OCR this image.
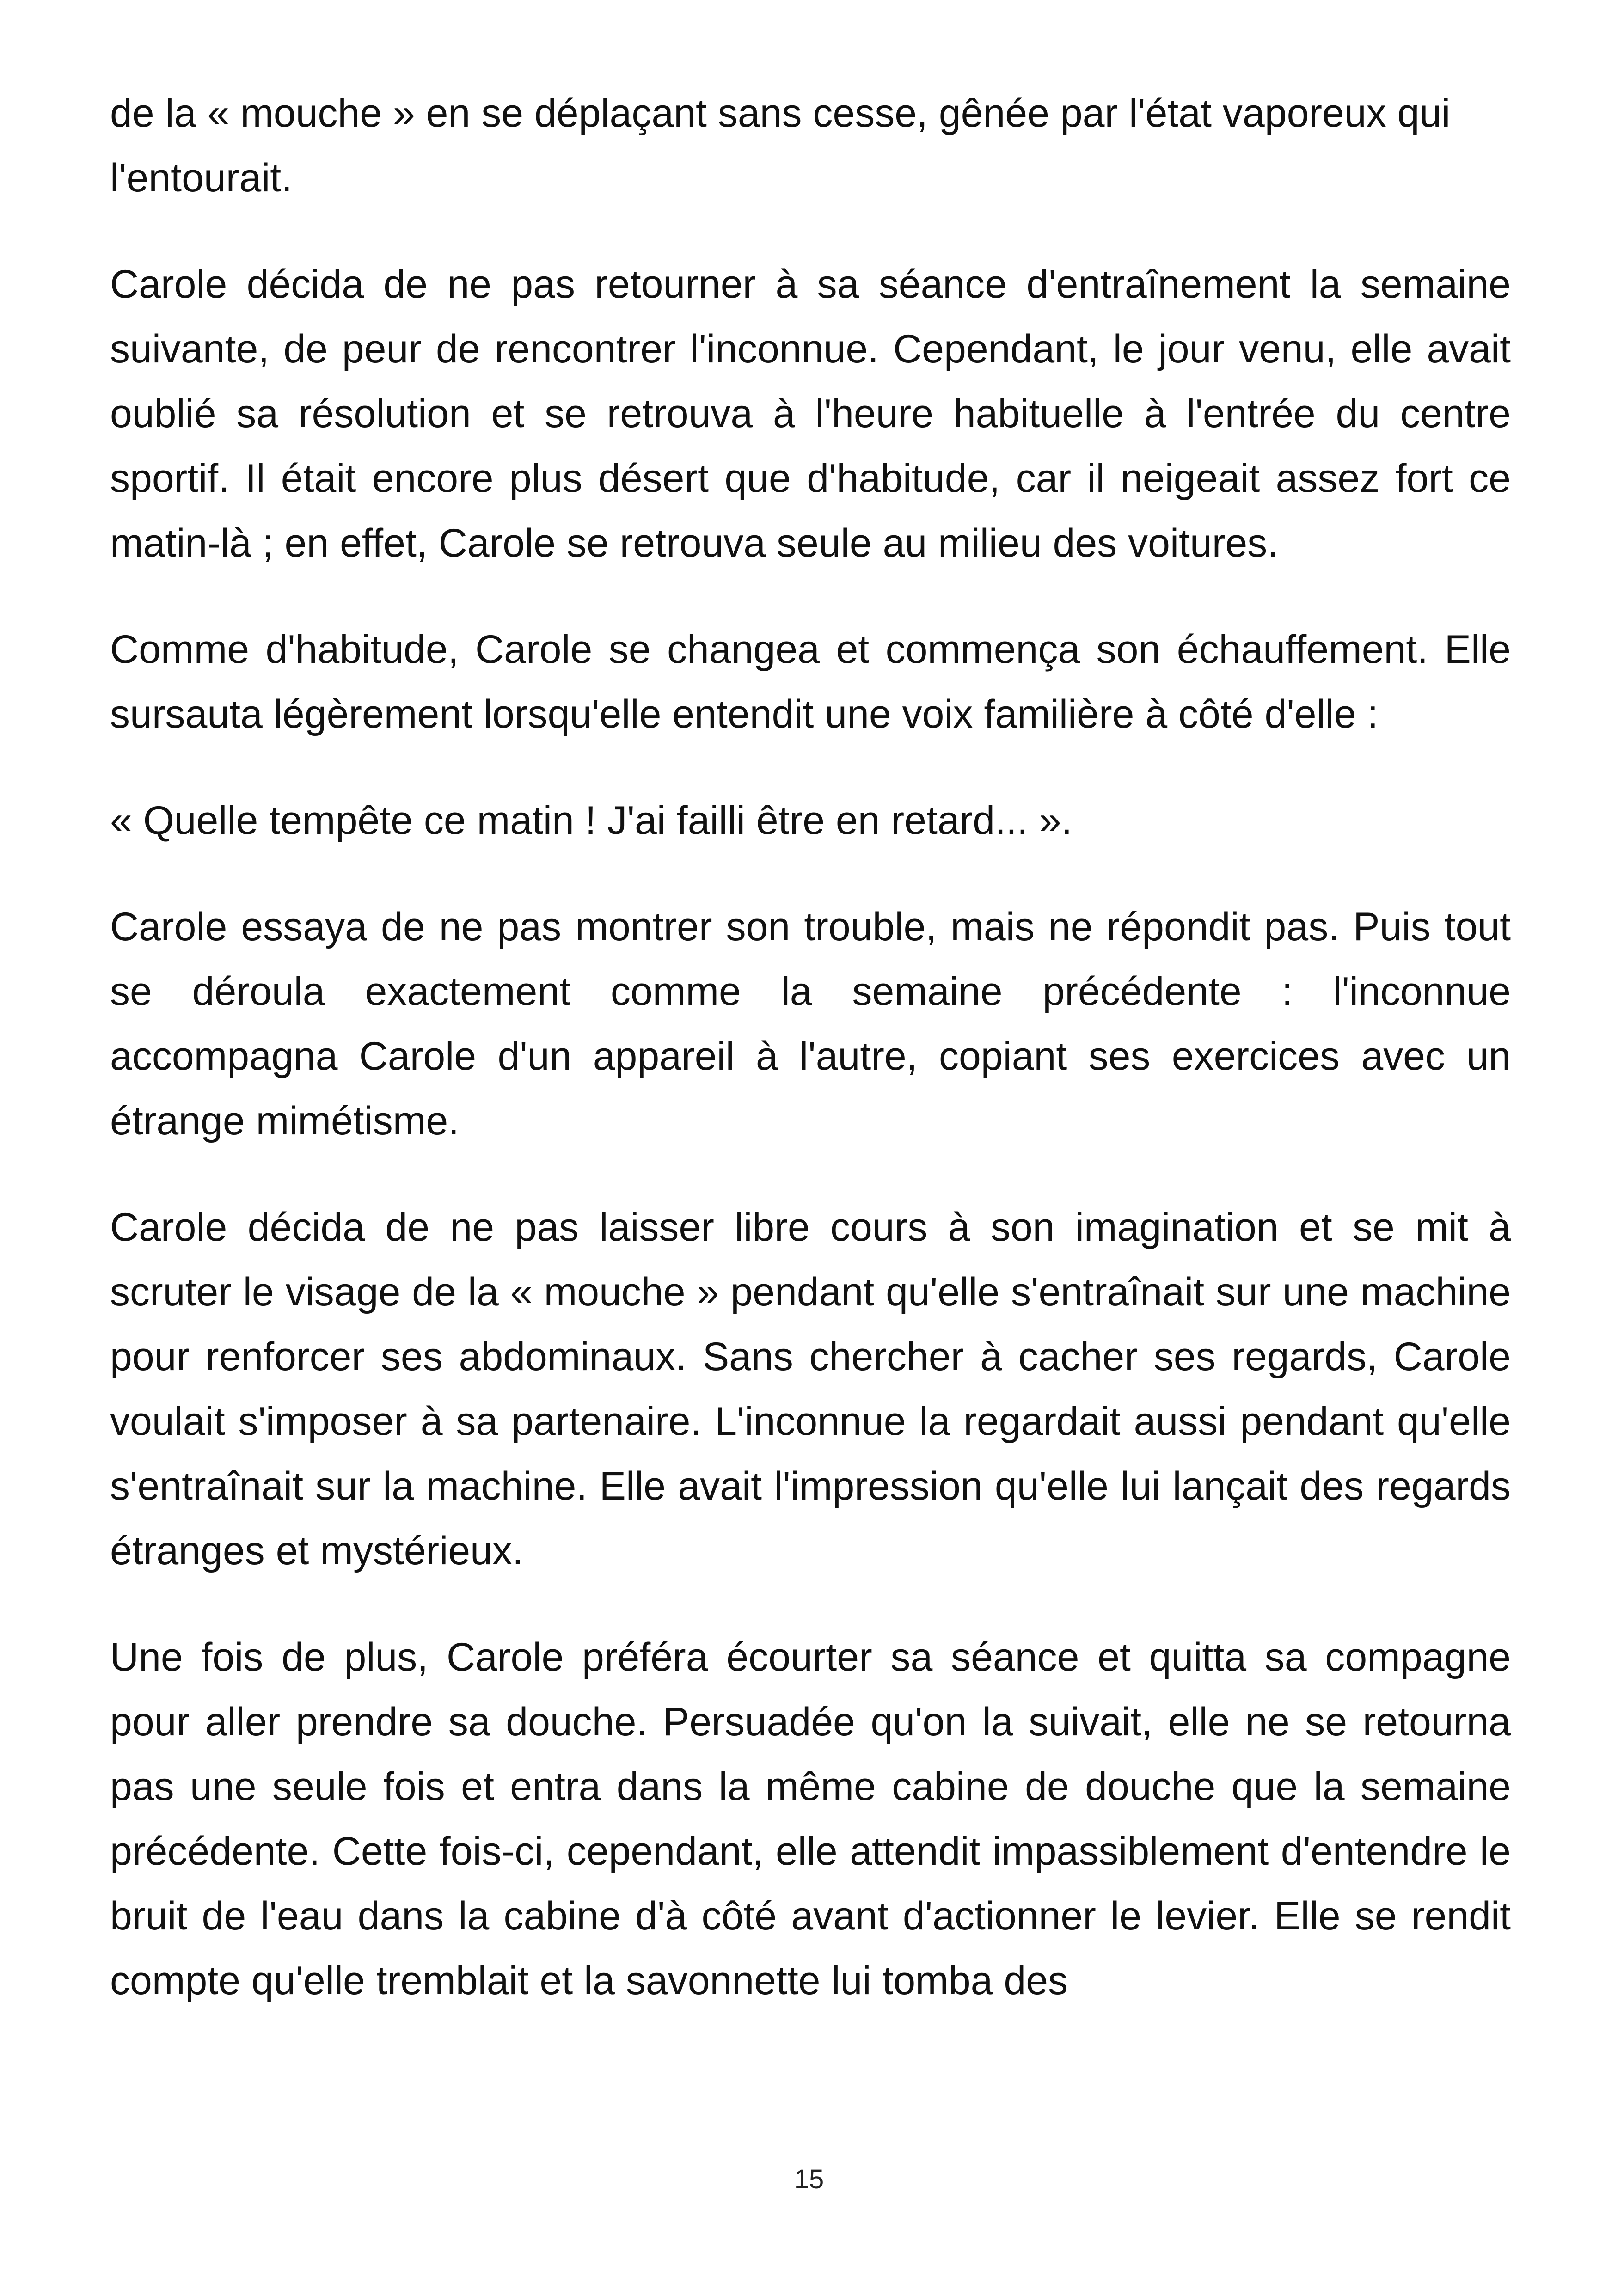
de la « mouche » en se déplaçant sans cesse, gênée par l'état vaporeux qui l'entourait.

Carole décida de ne pas retourner à sa séance d'entraînement la semaine suivante, de peur de rencontrer l'inconnue. Cependant, le jour venu, elle avait oublié sa résolution et se retrouva à l'heure habituelle à l'entrée du centre sportif. Il était encore plus désert que d'habitude, car il neigeait assez fort ce matin-là ; en effet, Carole se retrouva seule au milieu des voitures.

Comme d'habitude, Carole se changea et commença son échauffement. Elle sursauta légèrement lorsqu'elle entendit une voix familière à côté d'elle :

« Quelle tempête ce matin ! J'ai failli être en retard... ».

Carole essaya de ne pas montrer son trouble, mais ne répondit pas. Puis tout se déroula exactement comme la semaine précédente : l'inconnue accompagna Carole d'un appareil à l'autre, copiant ses exercices avec un étrange mimétisme.

Carole décida de ne pas laisser libre cours à son imagination et se mit à scruter le visage de la « mouche » pendant qu'elle s'entraînait sur une machine pour renforcer ses abdominaux. Sans chercher à cacher ses regards, Carole voulait s'imposer à sa partenaire. L'inconnue la regardait aussi pendant qu'elle s'entraînait sur la machine. Elle avait l'impression qu'elle lui lançait des regards étranges et mystérieux.

Une fois de plus, Carole préféra écourter sa séance et quitta sa compagne pour aller prendre sa douche. Persuadée qu'on la suivait, elle ne se retourna pas une seule fois et entra dans la même cabine de douche que la semaine précédente. Cette fois-ci, cependant, elle attendit impassiblement d'entendre le bruit de l'eau dans la cabine d'à côté avant d'actionner le levier. Elle se rendit compte qu'elle tremblait et la savonnette lui tomba des

15
